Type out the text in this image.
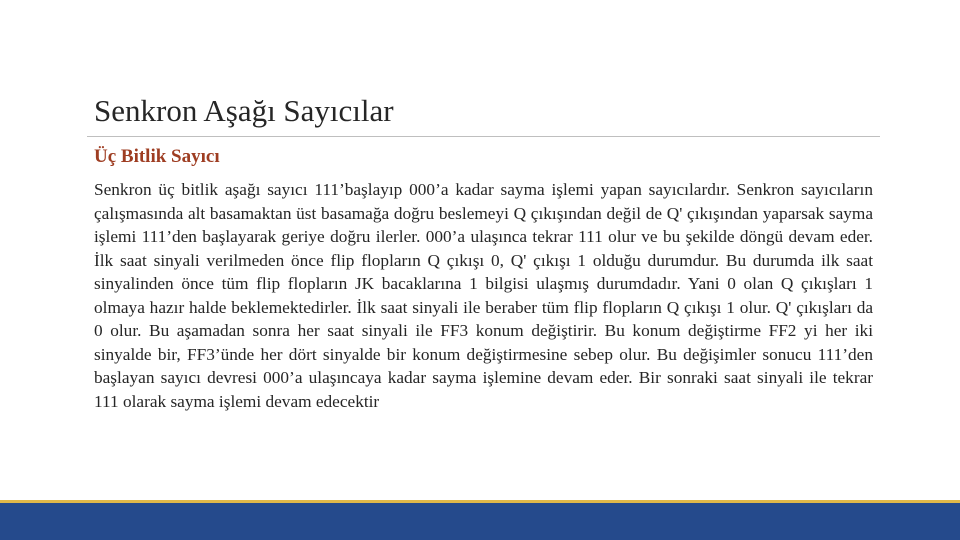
Senkron Aşağı Sayıcılar
Üç Bitlik Sayıcı

Senkron üç bitlik aşağı sayıcı 111’başlayıp 000’a kadar sayma işlemi yapan sayıcılardır. Senkron sayıcıların çalışmasında alt basamaktan üst basamağa doğru beslemeyi Q çıkışından değil de Q' çıkışından yaparsak sayma işlemi 111’den başlayarak geriye doğru ilerler. 000’a ulaşınca tekrar 111 olur ve bu şekilde döngü devam eder. İlk saat sinyali verilmeden önce flip flopların Q çıkışı 0, Q' çıkışı 1 olduğu durumdur. Bu durumda ilk saat sinyalinden önce tüm flip flopların JK bacaklarına 1 bilgisi ulaşmış durumdadır. Yani 0 olan Q çıkışları 1 olmaya hazır halde beklemektedirler. İlk saat sinyali ile beraber tüm flip flopların Q çıkışı 1 olur. Q' çıkışları da 0 olur. Bu aşamadan sonra her saat sinyali ile FF3 konum değiştirir. Bu konum değiştirme FF2 yi her iki sinyalde bir, FF3’ünde her dört sinyalde bir konum değiştirmesine sebep olur. Bu değişimler sonucu 111’den başlayan sayıcı devresi 000’a ulaşıncaya kadar sayma işlemine devam eder. Bir sonraki saat sinyali ile tekrar 111 olarak sayma işlemi devam edecektir
